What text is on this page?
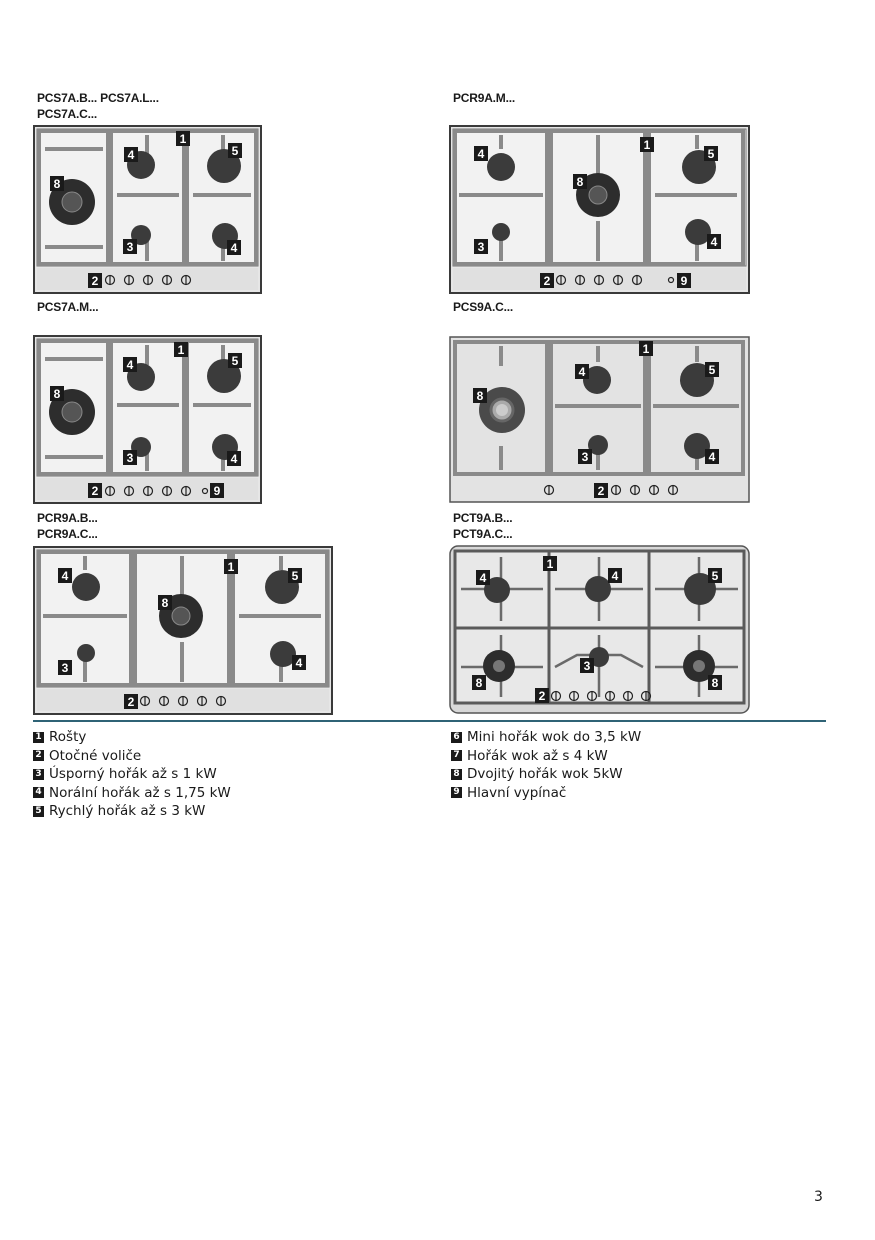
PCS7A.B... PCS7A.L...
PCS7A.C...
PCR9A.M...
PCS7A.M...	PCS9A.C...
PCR9A.B...
PCR9A.C...
PCT9A.B...
PCT9A.C...
1
4	5
8
3	4
2
1
4	5
8
3	4
2	9
1
4	5
8
3	4
2	9
1
4	5
8
3	4
2
1
4	5
8
3	4
2
1
4	4	5
3
8	8
2
1 Rošty
2 Otočné voliče
3 Úsporný hořák až s 1 kW
4 Norální hořák až s 1,75 kW
5 Rychlý hořák až s 3 kW
6 Mini hořák wok do 3,5 kW
7 Hořák wok až s 4 kW
8 Dvojitý hořák wok 5kW
9 Hlavní vypínač
3
